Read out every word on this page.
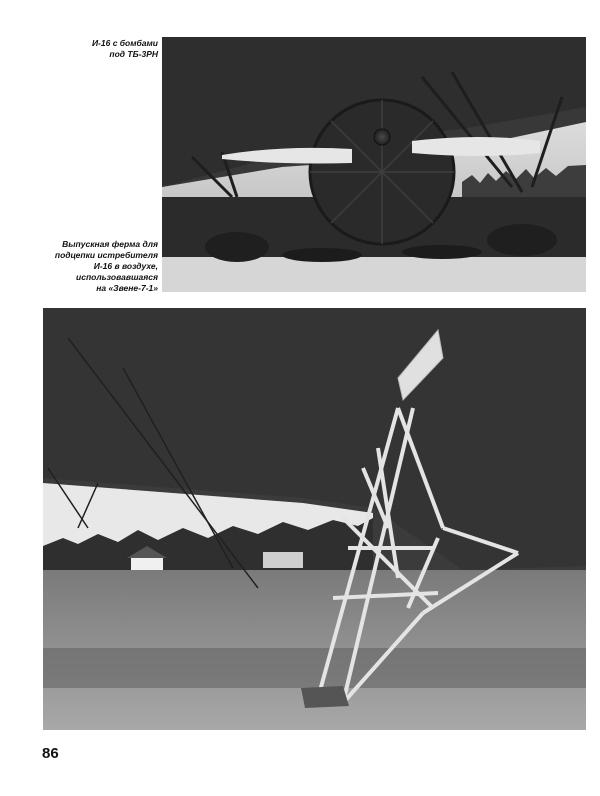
И-16 с бомбами
под ТБ-3РН
Выпускная ферма для
подцепки истребителя
И-16 в воздухе,
использовавшаяся
на «Звене-7-1»
86
